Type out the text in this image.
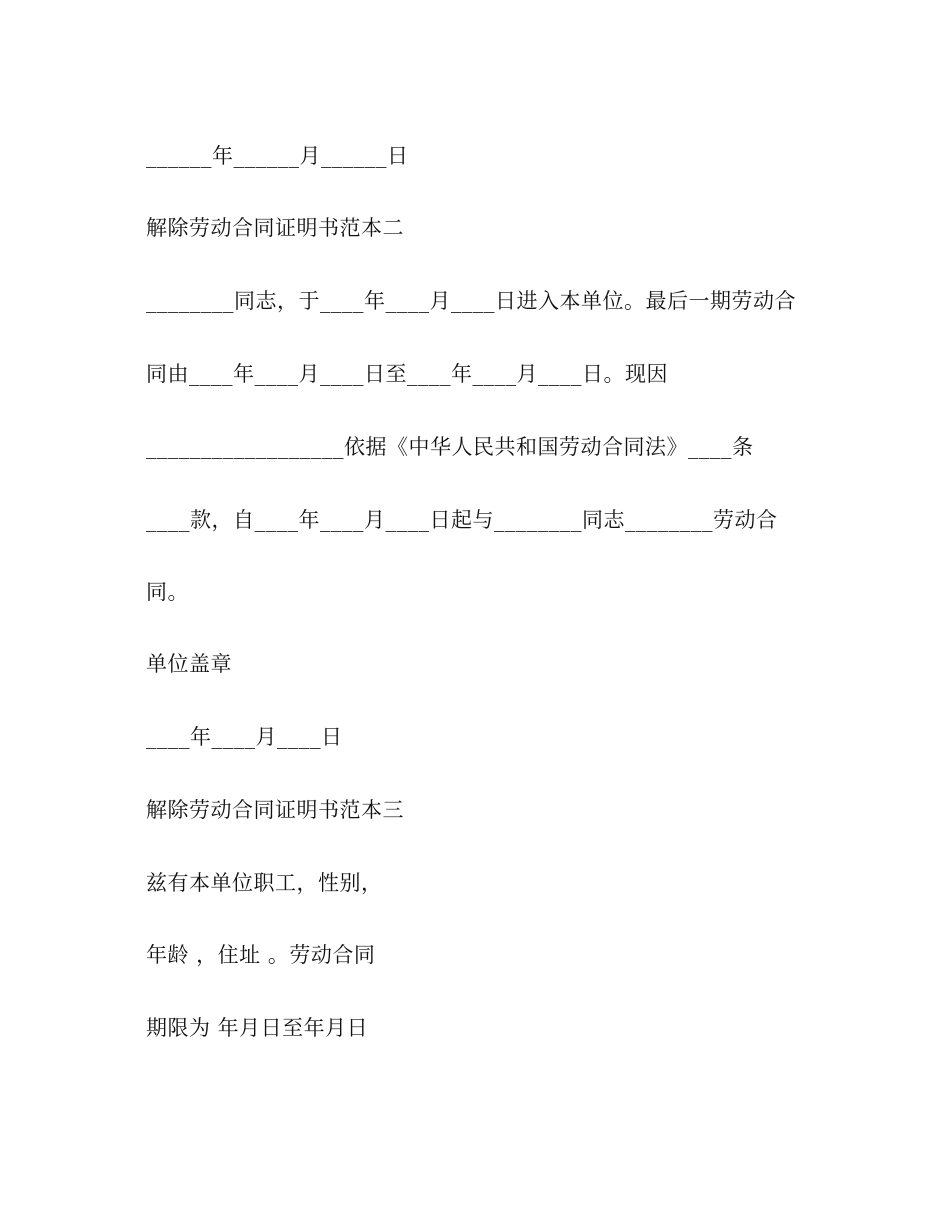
______年______月______日
解除劳动合同证明书范本二
________同志，于____年____月____日进入本单位。最后一期劳动合
同由____年____月____日至____年____月____日。现因
__________________依据《中华人民共和国劳动合同法》____条
____款，自____年____月____日起与________同志________劳动合
同。
单位盖章
____年____月____日
解除劳动合同证明书范本三
兹有本单位职工，性别，
年龄 ，住址 。劳动合同
期限为 年月日至年月日
